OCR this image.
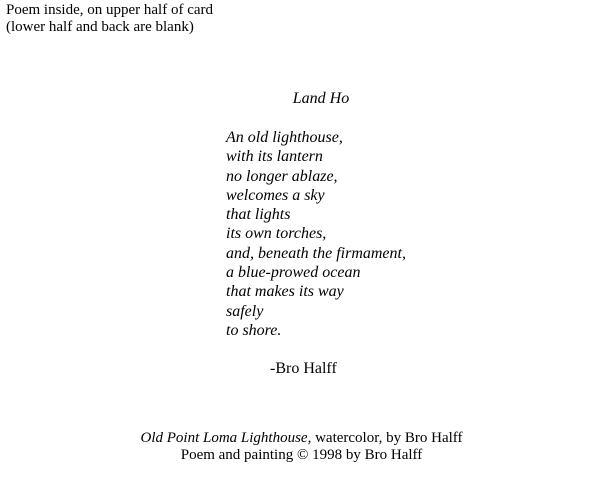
Poem inside, on upper half of card
(lower half and back are blank)
Land Ho
An old lighthouse,
with its lantern
no longer ablaze,
welcomes a sky
that lights
its own torches,
and, beneath the firmament,
a blue-prowed ocean
that makes its way
safely
to shore.
-Bro Halff
Old Point Loma Lighthouse, watercolor, by Bro Halff
Poem and painting © 1998 by Bro Halff
